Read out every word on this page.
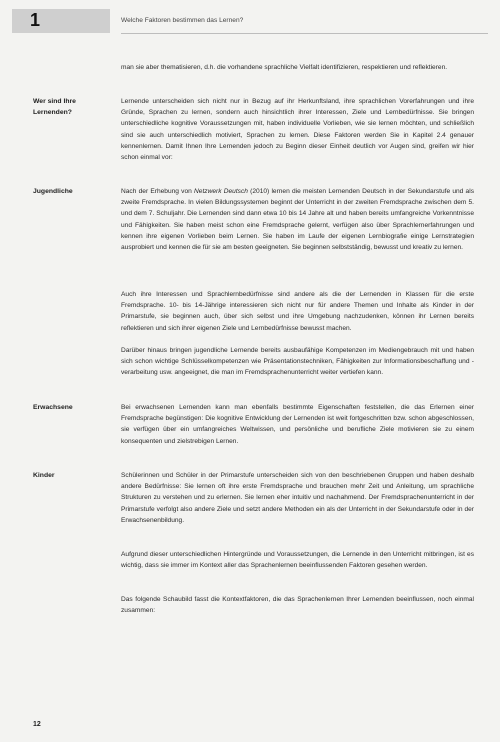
1	Welche Faktoren bestimmen das Lernen?
man sie aber thematisieren, d.h. die vorhandene sprachliche Vielfalt identifizieren, respektieren und reflektieren.
Wer sind Ihre Lernenden?
Lernende unterscheiden sich nicht nur in Bezug auf ihr Herkunftsland, ihre sprachlichen Vorerfahrungen und ihre Gründe, Sprachen zu lernen, sondern auch hinsichtlich ihrer Interessen, Ziele und Lernbedürfnisse. Sie bringen unterschiedliche kognitive Voraussetzungen mit, haben individuelle Vorlieben, wie sie lernen möchten, und schließlich sind sie auch unterschiedlich motiviert, Sprachen zu lernen. Diese Faktoren werden Sie in Kapitel 2.4 genauer kennenlernen. Damit Ihnen Ihre Lernenden jedoch zu Beginn dieser Einheit deutlich vor Augen sind, greifen wir hier schon einmal vor:
Jugendliche	Nach der Erhebung von Netzwerk Deutsch (2010) lernen die meisten Lernenden Deutsch in der Sekundarstufe und als zweite Fremdsprache. In vielen Bildungssystemen beginnt der Unterricht in der zweiten Fremdsprache zwischen dem 5. und dem 7. Schuljahr. Die Lernenden sind dann etwa 10 bis 14 Jahre alt und haben bereits umfangreiche Vorkenntnisse und Fähigkeiten. Sie haben meist schon eine Fremdsprache gelernt, verfügen also über Sprachlernerfahrungen und kennen ihre eigenen Vorlieben beim Lernen. Sie haben im Laufe der eigenen Lernbiografie einige Lernstrategien ausprobiert und kennen die für sie am besten geeigneten. Sie beginnen selbstständig, bewusst und kreativ zu lernen.
Auch ihre Interessen und Sprachlernbedürfnisse sind andere als die der Lernenden in Klassen für die erste Fremdsprache. 10- bis 14-Jährige interessieren sich nicht nur für andere Themen und Inhalte als Kinder in der Primarstufe, sie beginnen auch, über sich selbst und ihre Umgebung nachzudenken, können ihr Lernen bereits reflektieren und sich ihrer eigenen Ziele und Lernbedürfnisse bewusst machen.
Darüber hinaus bringen jugendliche Lernende bereits ausbaufähige Kompetenzen im Mediengebrauch mit und haben sich schon wichtige Schlüsselkompetenzen wie Präsentationstechniken, Fähigkeiten zur Informationsbeschaffung und -verarbeitung usw. angeeignet, die man im Fremdsprachenunterricht weiter vertiefen kann.
Erwachsene	Bei erwachsenen Lernenden kann man ebenfalls bestimmte Eigenschaften feststellen, die das Erlernen einer Fremdsprache begünstigen: Die kognitive Entwicklung der Lernenden ist weit fortgeschritten bzw. schon abgeschlossen, sie verfügen über ein umfangreiches Weltwissen, und persönliche und berufliche Ziele motivieren sie zu einem konsequenten und zielstrebigen Lernen.
Kinder	Schülerinnen und Schüler in der Primarstufe unterscheiden sich von den beschriebenen Gruppen und haben deshalb andere Bedürfnisse: Sie lernen oft ihre erste Fremdsprache und brauchen mehr Zeit und Anleitung, um sprachliche Strukturen zu verstehen und zu erlernen. Sie lernen eher intuitiv und nachahmend. Der Fremdsprachenunterricht in der Primarstufe verfolgt also andere Ziele und setzt andere Methoden ein als der Unterricht in der Sekundarstufe oder in der Erwachsenenbildung.
Aufgrund dieser unterschiedlichen Hintergründe und Voraussetzungen, die Lernende in den Unterricht mitbringen, ist es wichtig, dass sie immer im Kontext aller das Sprachenlernen beeinflussenden Faktoren gesehen werden.
Das folgende Schaubild fasst die Kontextfaktoren, die das Sprachenlernen Ihrer Lernenden beeinflussen, noch einmal zusammen:
12
